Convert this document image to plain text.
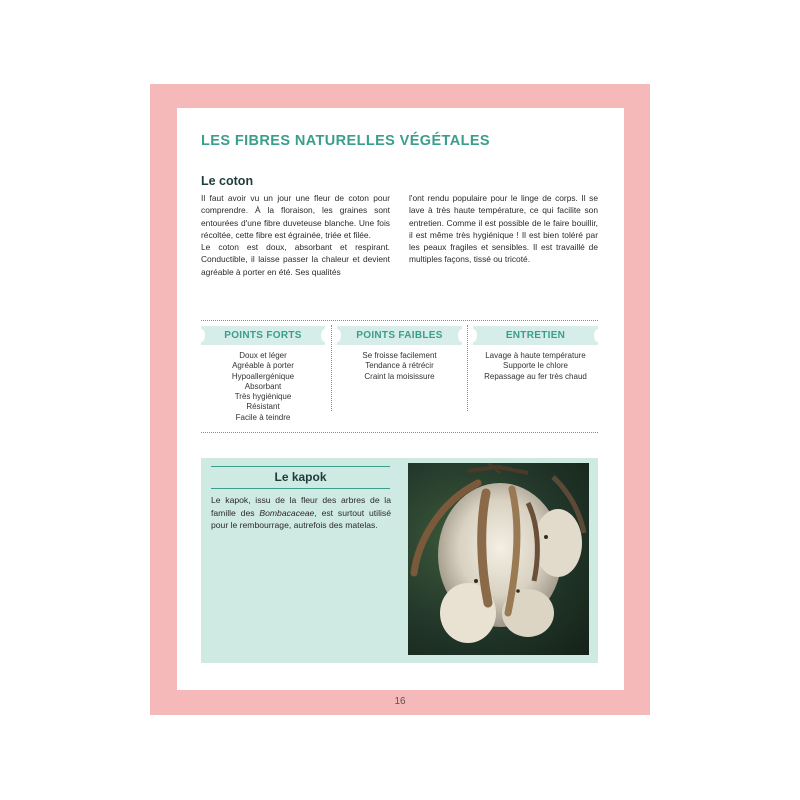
LES FIBRES NATURELLES VÉGÉTALES
Le coton

Il faut avoir vu un jour une fleur de coton pour comprendre. À la floraison, les graines sont entourées d'une fibre duveteuse blanche. Une fois récoltée, cette fibre est égrainée, triée et filée.

Le coton est doux, absorbant et respirant. Conductible, il laisse passer la chaleur et devient agréable à porter en été. Ses qualités

l'ont rendu populaire pour le linge de corps. Il se lave à très haute température, ce qui facilite son entretien. Comme il est possible de le faire bouillir, il est même très hygiénique ! Il est bien toléré par les peaux fragiles et sensibles. Il est travaillé de multiples façons, tissé ou tricoté.

POINTS FORTS	POINTS FAIBLES	ENTRETIEN
Doux et léger
Agréable à porter
Hypoallergénique
Absorbant
Très hygiénique
Résistant
Facile à teindre
Se froisse facilement
Tendance à rétrécir
Craint la moisissure
Lavage à haute température
Supporte le chlore
Repassage au fer très chaud
Le kapok
Le kapok, issu de la fleur des arbres de la famille des Bombacaceae, est surtout utilisé pour le rembourrage, autrefois des matelas.
16
